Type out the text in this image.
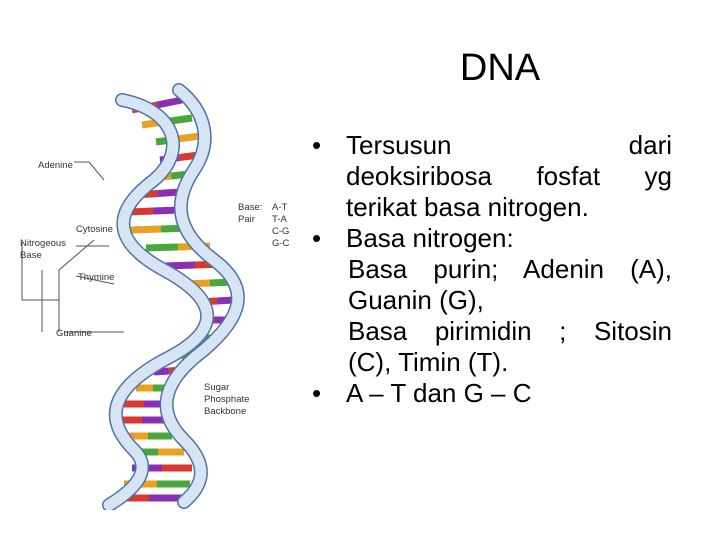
DNA
Adenine
Cytosine
Nitrogeous
Base
Thymine
Guanine
Base:
Pair
A-T
T-A
C-G
G-C
Sugar
Phosphate
Backbone
• Tersusun dari
deoksiribosa fosfat yg
terikat basa nitrogen.
• Basa nitrogen:
Basa purin; Adenin (A),
Guanin (G),
Basa pirimidin ; Sitosin
(C), Timin (T).
• A – T dan G – C
